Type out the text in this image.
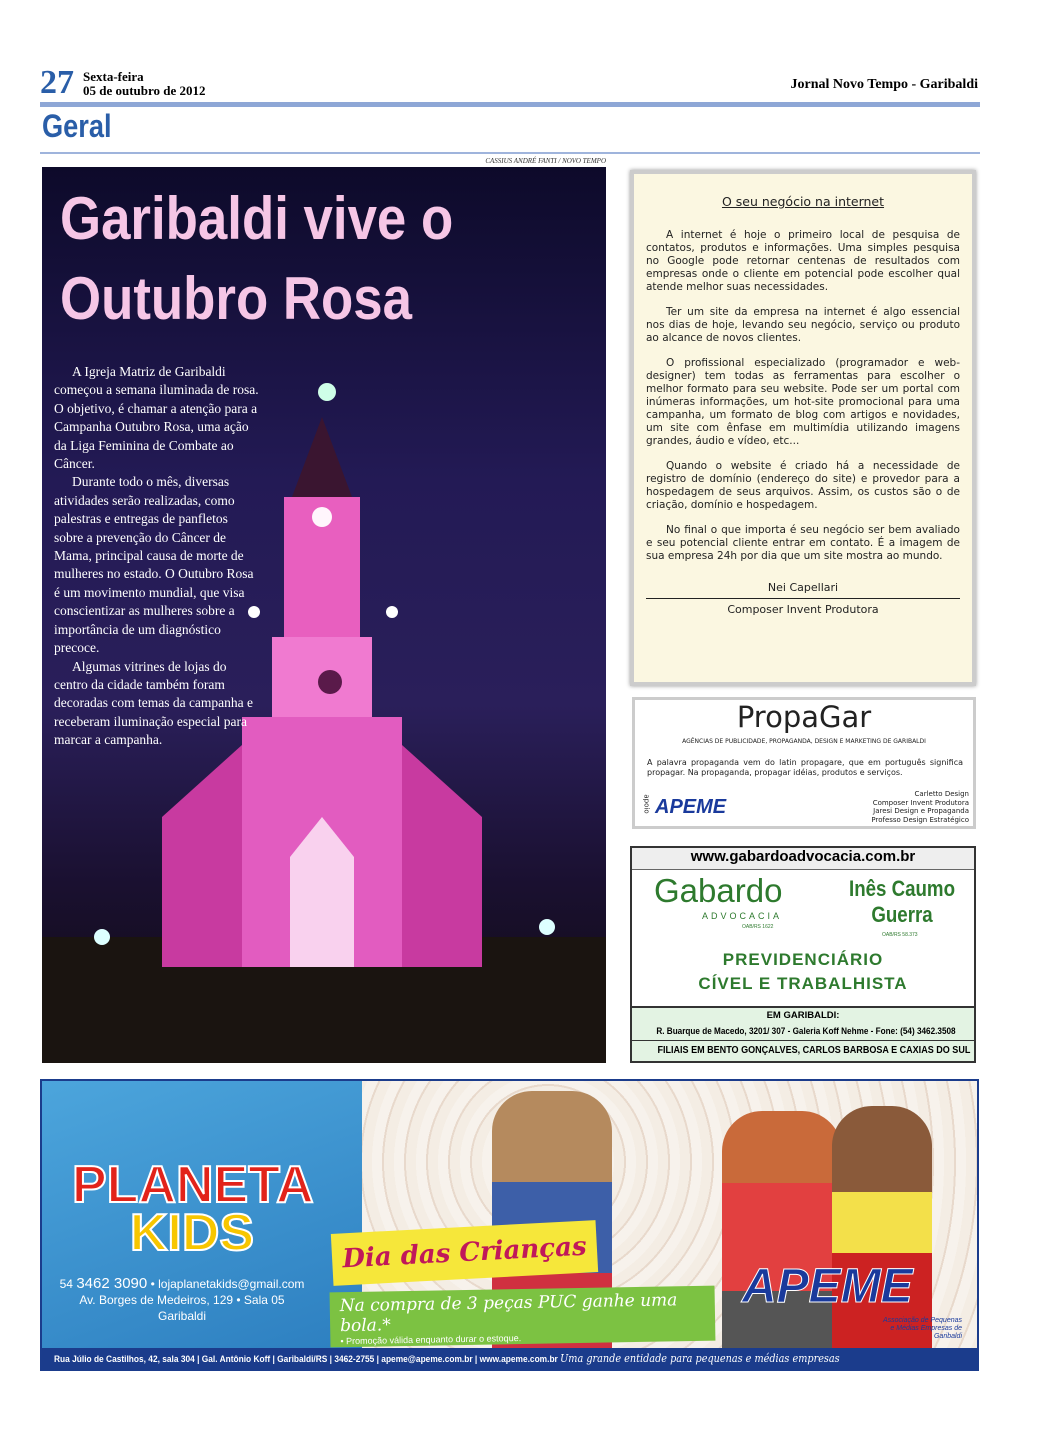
27 Sexta-feira
05 de outubro de 2012	Jornal Novo Tempo - Garibaldi
Geral
CASSIUS ANDRÉ FANTI / NOVO TEMPO
Garibaldi vive o Outubro Rosa

A Igreja Matriz de Garibaldi começou a semana iluminada de rosa. O objetivo, é chamar a atenção para a Campanha Outubro Rosa, uma ação da Liga Feminina de Combate ao Câncer.

Durante todo o mês, diversas atividades serão realizadas, como palestras e entregas de panfletos sobre a prevenção do Câncer de Mama, principal causa de morte de mulheres no estado. O Outubro Rosa é um movimento mundial, que visa conscientizar as mulheres sobre a importância de um diagnóstico precoce.

Algumas vitrines de lojas do centro da cidade também foram decoradas com temas da campanha e receberam iluminação especial para marcar a campanha.

O seu negócio na internet

A internet é hoje o primeiro local de pesquisa de contatos, produtos e informações. Uma simples pesquisa no Google pode retornar centenas de resultados com empresas onde o cliente em potencial pode escolher qual atende melhor suas necessidades.

Ter um site da empresa na internet é algo essencial nos dias de hoje, levando seu negócio, serviço ou produto ao alcance de novos clientes.

O profissional especializado (programador e web-designer) tem todas as ferramentas para escolher o melhor formato para seu website. Pode ser um portal com inúmeras informações, um hot-site promocional para uma campanha, um formato de blog com artigos e novidades, um site com ênfase em multimídia utilizando imagens grandes, áudio e vídeo, etc...

Quando o website é criado há a necessidade de registro de domínio (endereço do site) e provedor para a hospedagem de seus arquivos. Assim, os custos são o de criação, domínio e hospedagem.

No final o que importa é seu negócio ser bem avaliado e seu potencial cliente entrar em contato. É a imagem de sua empresa 24h por dia que um site mostra ao mundo.

Nei Capellari
Composer Invent Produtora
PropaGar
AGÊNCIAS DE PUBLICIDADE, PROPAGANDA, DESIGN E MARKETING DE GARIBALDI
A palavra propaganda vem do latin propagare, que em português significa propagar. Na propaganda, propagar idéias, produtos e serviços.
apoio APEME
Carletto Design
Composer Invent Produtora
Jaresi Design e Propaganda
Professo Design Estratégico
www.gabardoadvocacia.com.br
Gabardo
ADVOCACIA
OAB/RS 1622
Inês Caumo Guerra
OAB/RS 58.373
PREVIDENCIÁRIO
CÍVEL E TRABALHISTA
EM GARIBALDI:
R. Buarque de Macedo, 3201/ 307 - Galeria Koff Nehme - Fone: (54) 3462.3508
FILIAIS EM BENTO GONÇALVES, CARLOS BARBOSA E CAXIAS DO SUL
PLANETA
KIDS
54 3462 3090 • lojaplanetakids@gmail.com
Av. Borges de Medeiros, 129 • Sala 05
Garibaldi
Dia das Crianças
Na compra de 3 peças PUC ganhe uma bola.*
• Promoção válida enquanto durar o estoque.
APEME
Associação de Pequenas e Médias Empresas de Garibaldi
Rua Júlio de Castilhos, 42, sala 304 | Gal. Antônio Koff | Garibaldi/RS | 3462-2755 | apeme@apeme.com.br | www.apeme.com.br Uma grande entidade para pequenas e médias empresas
